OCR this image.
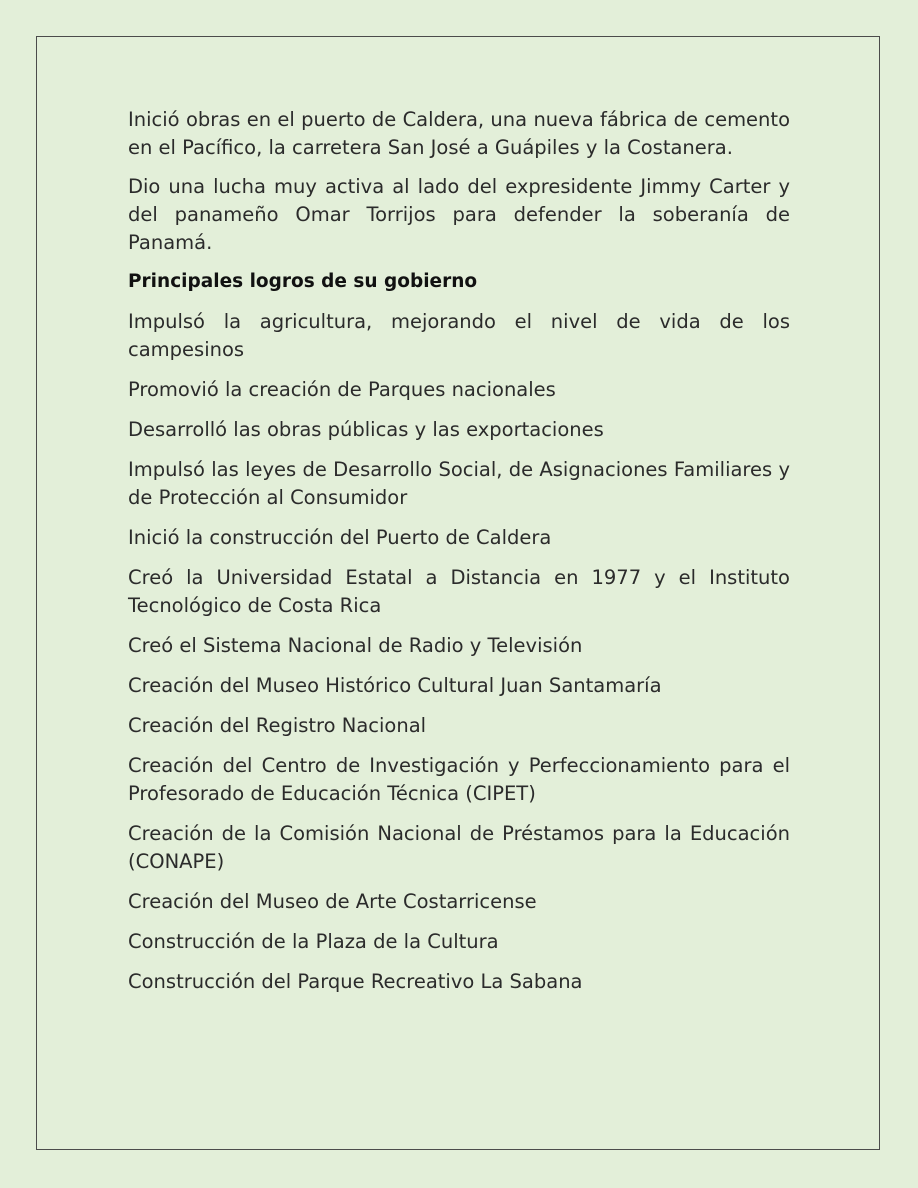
Inició obras en el puerto de Caldera, una nueva fábrica de cemento en el Pacífico, la carretera San José a Guápiles y la Costanera.

Dio una lucha muy activa al lado del expresidente Jimmy Carter y del panameño Omar Torrijos para defender la soberanía de Panamá.

Principales logros de su gobierno
Impulsó la agricultura, mejorando el nivel de vida de los campesinos
Promovió la creación de Parques nacionales
Desarrolló las obras públicas y las exportaciones
Impulsó las leyes de Desarrollo Social, de Asignaciones Familiares y de Protección al Consumidor
Inició la construcción del Puerto de Caldera
Creó la Universidad Estatal a Distancia en 1977 y el Instituto Tecnológico de Costa Rica
Creó el Sistema Nacional de Radio y Televisión
Creación del Museo Histórico Cultural Juan Santamaría
Creación del Registro Nacional
Creación del Centro de Investigación y Perfeccionamiento para el Profesorado de Educación Técnica (CIPET)
Creación de la Comisión Nacional de Préstamos para la Educación (CONAPE)
Creación del Museo de Arte Costarricense
Construcción de la Plaza de la Cultura
Construcción del Parque Recreativo La Sabana
